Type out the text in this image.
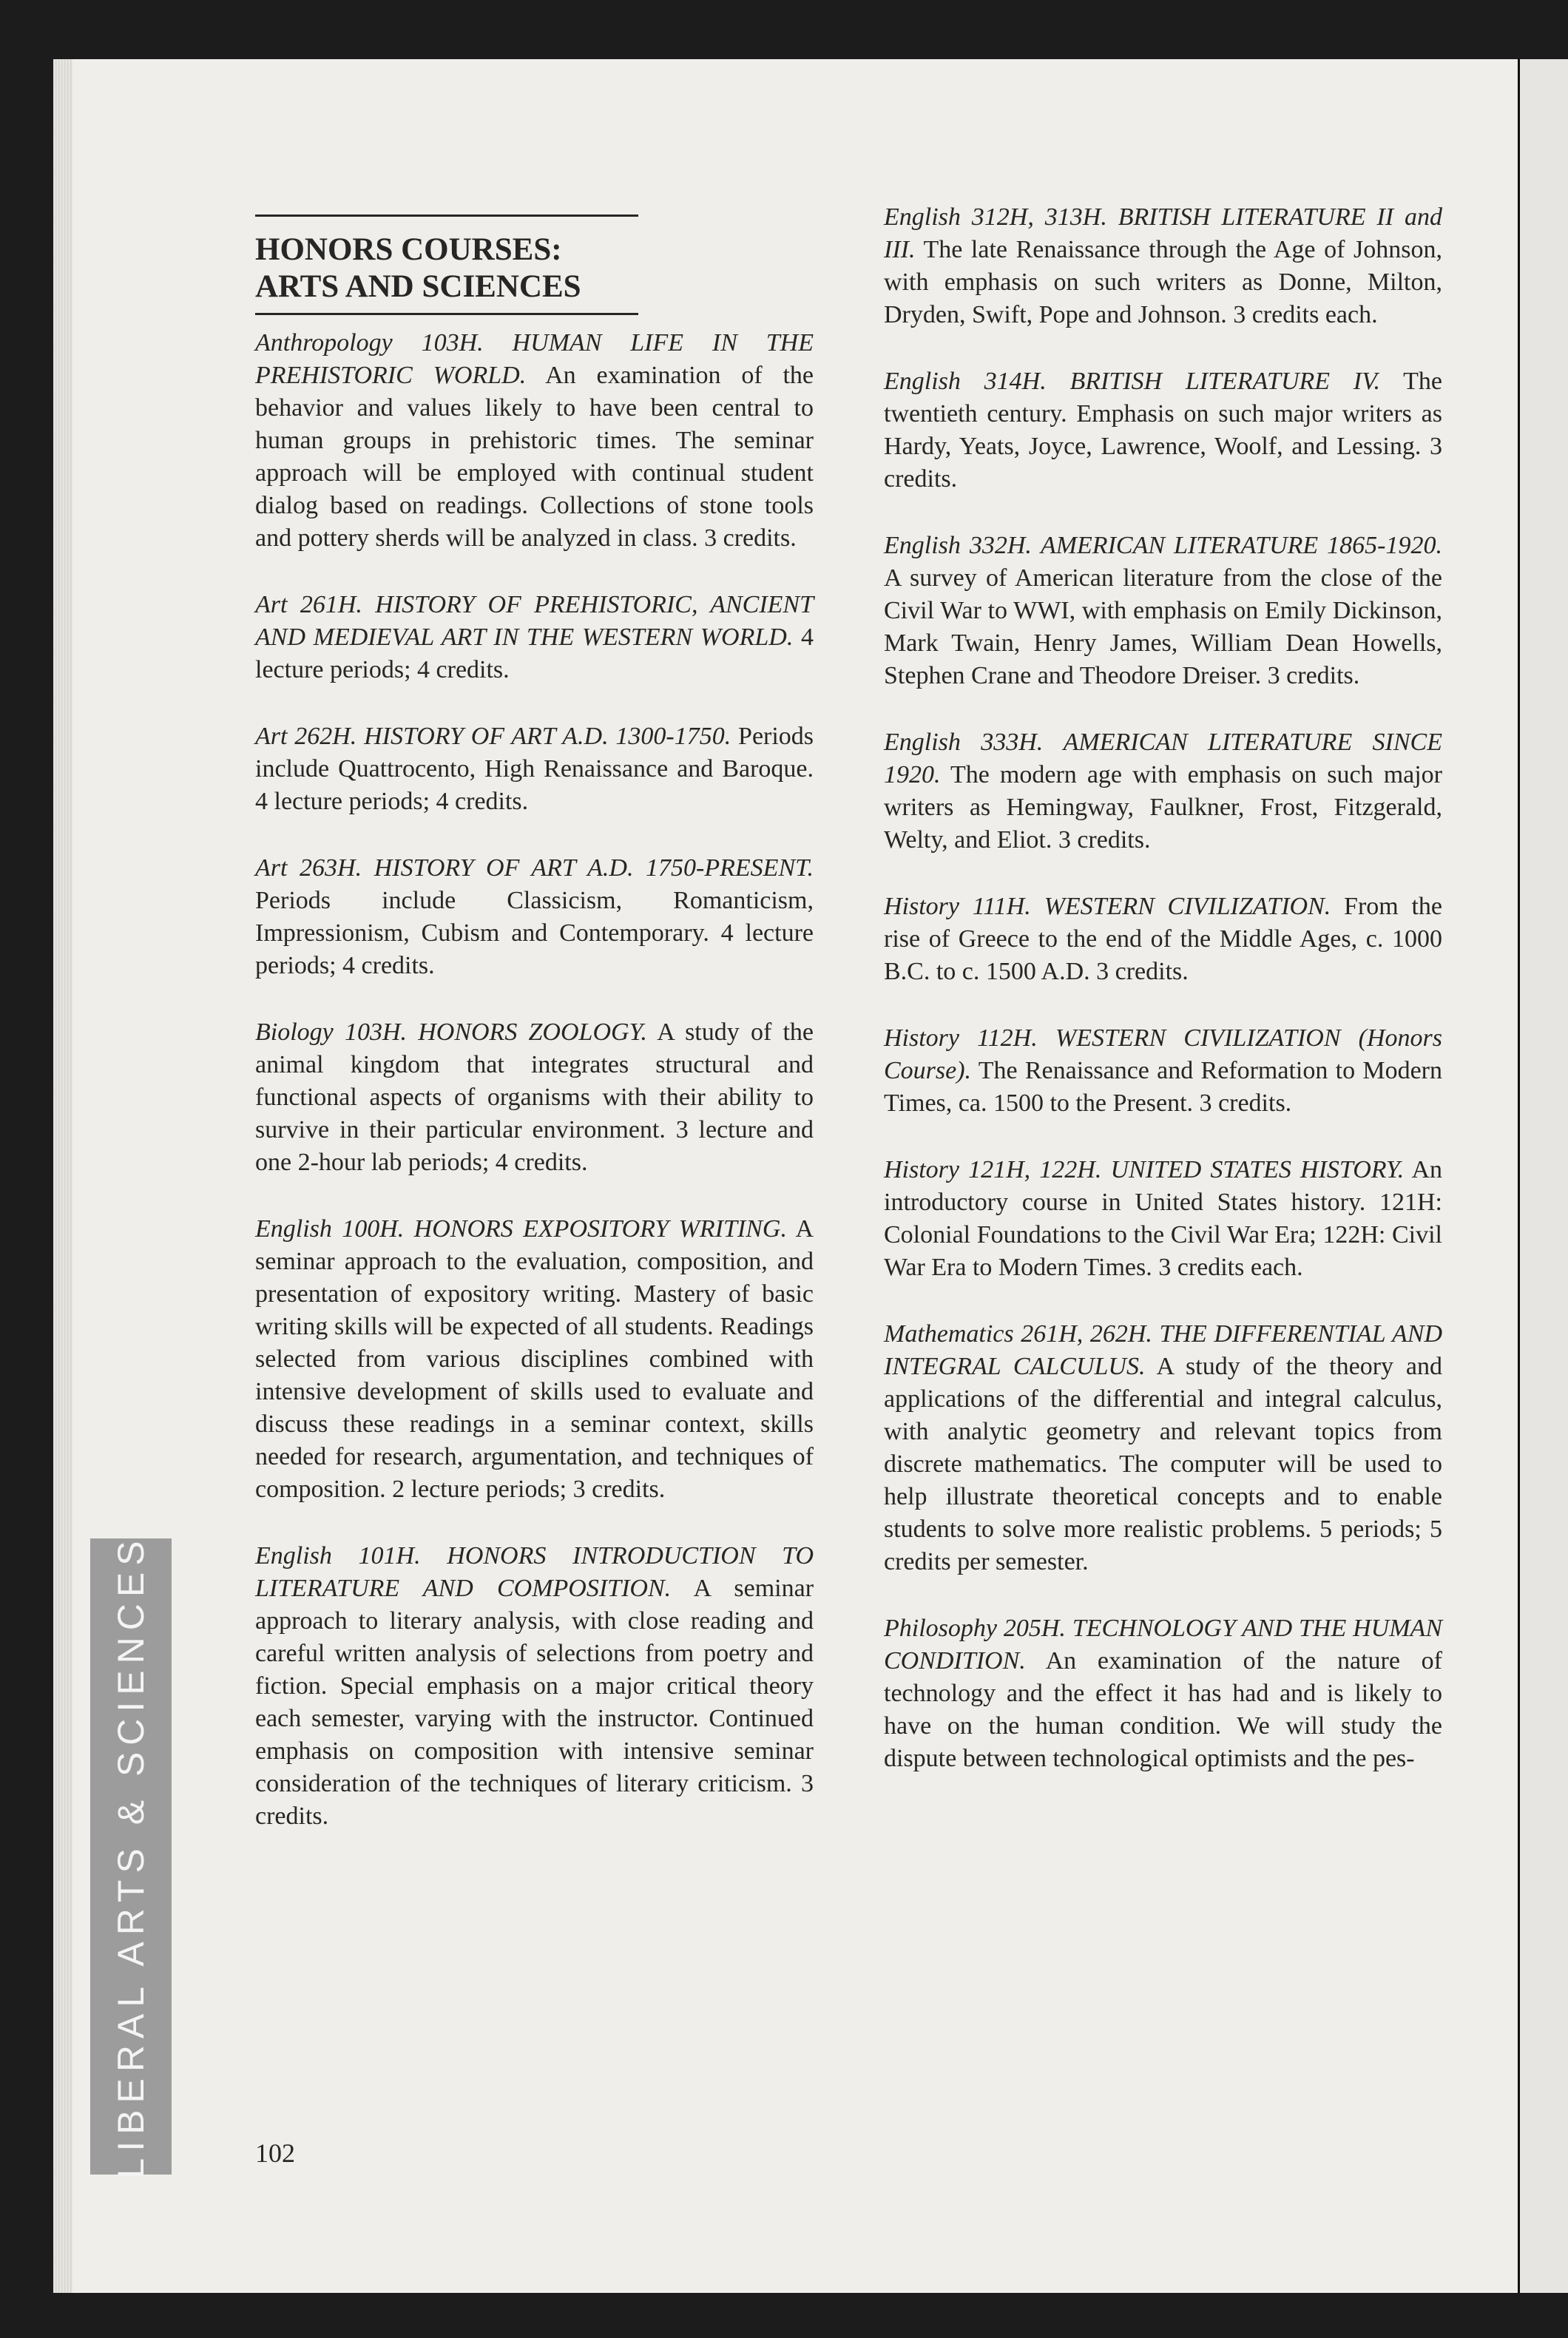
LIBERAL ARTS & SCIENCES
HONORS COURSES:
ARTS AND SCIENCES
Anthropology 103H. HUMAN LIFE IN THE PREHISTORIC WORLD. An examination of the behavior and values likely to have been central to human groups in prehistoric times. The seminar approach will be employed with continual student dialog based on readings. Collections of stone tools and pottery sherds will be analyzed in class. 3 credits.
Art 261H. HISTORY OF PREHISTORIC, ANCIENT AND MEDIEVAL ART IN THE WESTERN WORLD. 4 lecture periods; 4 credits.
Art 262H. HISTORY OF ART A.D. 1300-1750. Periods include Quattrocento, High Renaissance and Baroque. 4 lecture periods; 4 credits.
Art 263H. HISTORY OF ART A.D. 1750-PRESENT. Periods include Classicism, Romanticism, Impressionism, Cubism and Contemporary. 4 lecture periods; 4 credits.
Biology 103H. HONORS ZOOLOGY. A study of the animal kingdom that integrates structural and functional aspects of organisms with their ability to survive in their particular environment. 3 lecture and one 2-hour lab periods; 4 credits.
English 100H. HONORS EXPOSITORY WRITING. A seminar approach to the evaluation, composition, and presentation of expository writing. Mastery of basic writing skills will be expected of all students. Readings selected from various disciplines combined with intensive development of skills used to evaluate and discuss these readings in a seminar context, skills needed for research, argumentation, and techniques of composition. 2 lecture periods; 3 credits.
English 101H. HONORS INTRODUCTION TO LITERATURE AND COMPOSITION. A seminar approach to literary analysis, with close reading and careful written analysis of selections from poetry and fiction. Special emphasis on a major critical theory each semester, varying with the instructor. Continued emphasis on composition with intensive seminar consideration of the techniques of literary criticism. 3 credits.
English 312H, 313H. BRITISH LITERATURE II and III. The late Renaissance through the Age of Johnson, with emphasis on such writers as Donne, Milton, Dryden, Swift, Pope and Johnson. 3 credits each.
English 314H. BRITISH LITERATURE IV. The twentieth century. Emphasis on such major writers as Hardy, Yeats, Joyce, Lawrence, Woolf, and Lessing. 3 credits.
English 332H. AMERICAN LITERATURE 1865-1920. A survey of American literature from the close of the Civil War to WWI, with emphasis on Emily Dickinson, Mark Twain, Henry James, William Dean Howells, Stephen Crane and Theodore Dreiser. 3 credits.
English 333H. AMERICAN LITERATURE SINCE 1920. The modern age with emphasis on such major writers as Hemingway, Faulkner, Frost, Fitzgerald, Welty, and Eliot. 3 credits.
History 111H. WESTERN CIVILIZATION. From the rise of Greece to the end of the Middle Ages, c. 1000 B.C. to c. 1500 A.D. 3 credits.
History 112H. WESTERN CIVILIZATION (Honors Course). The Renaissance and Reformation to Modern Times, ca. 1500 to the Present. 3 credits.
History 121H, 122H. UNITED STATES HISTORY. An introductory course in United States history. 121H: Colonial Foundations to the Civil War Era; 122H: Civil War Era to Modern Times. 3 credits each.
Mathematics 261H, 262H. THE DIFFERENTIAL AND INTEGRAL CALCULUS. A study of the theory and applications of the differential and integral calculus, with analytic geometry and relevant topics from discrete mathematics. The computer will be used to help illustrate theoretical concepts and to enable students to solve more realistic problems. 5 periods; 5 credits per semester.
Philosophy 205H. TECHNOLOGY AND THE HUMAN CONDITION. An examination of the nature of technology and the effect it has had and is likely to have on the human condition. We will study the dispute between technological optimists and the pes-
102
